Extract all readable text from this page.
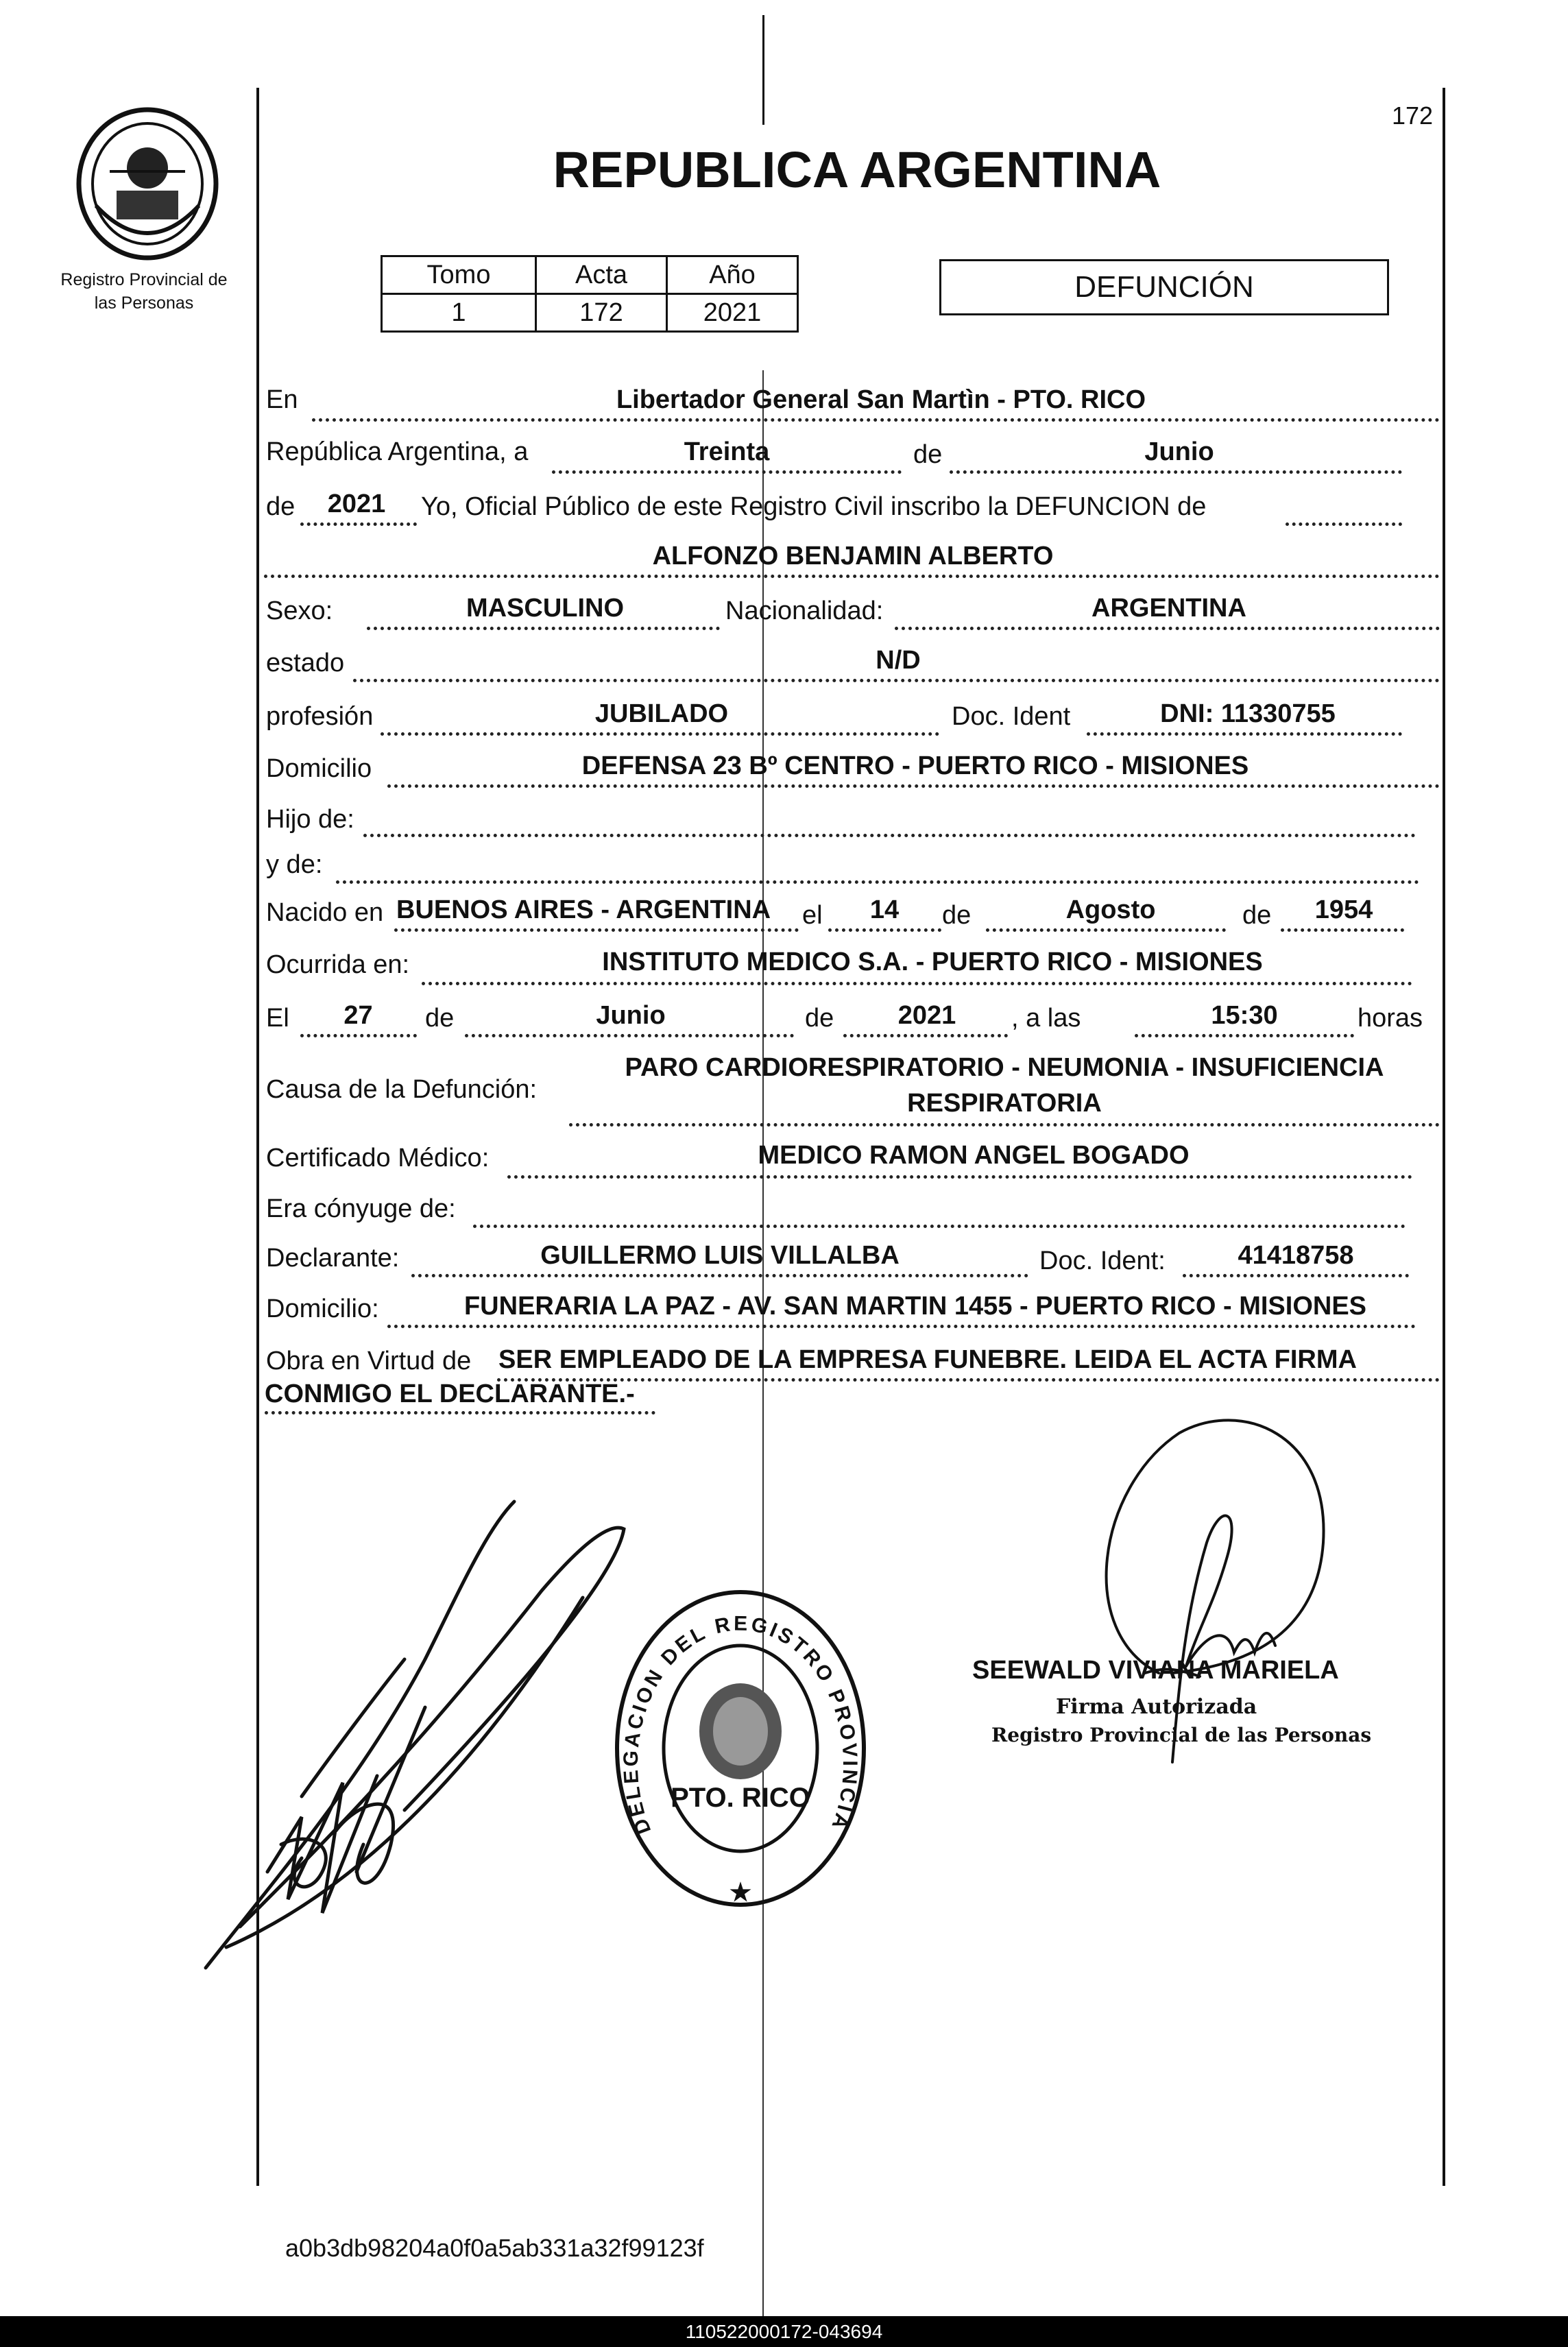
172
Registro Provincial de
las Personas
REPUBLICA ARGENTINA
Tomo	Acta	Año
1	172	2021
DEFUNCIÓN
En	Libertador General San Martìn - PTO. RICO
República Argentina, a	Treinta	de	Junio
de	2021	Yo, Oficial Público de este Registro Civil inscribo la DEFUNCION de
ALFONZO BENJAMIN ALBERTO
Sexo:	MASCULINO	Nacionalidad:	ARGENTINA
estado	N/D
profesión	JUBILADO	Doc. Ident	DNI: 11330755
Domicilio	DEFENSA 23 Bº CENTRO - PUERTO RICO - MISIONES
Hijo de:
y de:
Nacido en BUENOS AIRES - ARGENTINA	el	14	de	Agosto	de	1954
Ocurrida en:	INSTITUTO MEDICO S.A. - PUERTO RICO - MISIONES
El	27	de	Junio	de	2021	, a las	15:30	horas
Causa de la Defunción:
PARO CARDIORESPIRATORIO - NEUMONIA - INSUFICIENCIA
RESPIRATORIA
Certificado Médico:	MEDICO RAMON ANGEL BOGADO
Era cónyuge de:
Declarante:	GUILLERMO LUIS VILLALBA	Doc. Ident:	41418758
Domicilio:	FUNERARIA LA PAZ - AV. SAN MARTIN 1455 - PUERTO RICO - MISIONES
Obra en Virtud de SER EMPLEADO DE LA EMPRESA FUNEBRE. LEIDA EL ACTA FIRMA
CONMIGO EL DECLARANTE.-
DELEGACION DEL REGISTRO PROVINCIA
PTO. RICO
★
SEEWALD VIVIANA MARIELA
Firma Autorizada
Registro Provincial de las Personas
a0b3db98204a0f0a5ab331a32f99123f
110522000172-043694
